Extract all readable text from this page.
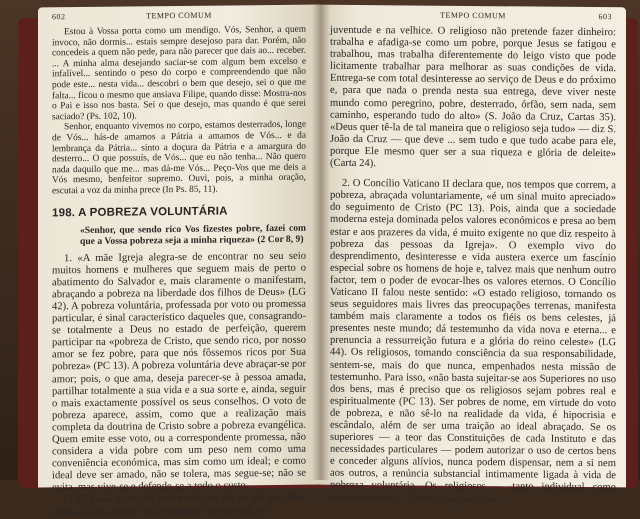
602	TEMPO COMUM

Estou à Vossa porta como um mendigo. Vós, Senhor, a quem invoco, não dormis... estais sempre desejoso para dar. Porém, não concedeis a quem não pede, para não parecer que dais ao... receber. ... A minha alma desejando saciar-se com algum bem excelso e infalível... sentindo o peso do corpo e compreendendo que não pode este... nesta vida... descobri o bem que desejo, sei o que me falta... ficou o mesmo que ansiava Filipe, quando disse: Mostra-nos o Pai e isso nos basta. Sei o que desejo, mas quando é que serei saciado? (Ps. 102, 10).

Senhor, enquanto vivemos no corpo, estamos desterrados, longe de Vós... hás-de amamos a Pátria a amamos de Vós... e da lembrança da Pátria... sinto a doçura da Pátria e a amargura do desterro... O que possuís, de Vós... que eu não tenha... Não quero nada daquilo que me... mas dá-me Vós... Peço-Vos que me deis a Vós mesmo, benfeitor supremo. Ouvi, pois, a minha oração, escutai a voz da minha prece (In Ps. 85, 11).

198. A POBREZA VOLUNTÁRIA

«Senhor, que sendo rico Vos fizestes pobre, fazei com que a Vossa pobreza seja a minha riqueza» (2 Cor 8, 9)

1. «A mãe Igreja alegra-se de encontrar no seu seio muitos homens e mulheres que seguem mais de perto o abatimento do Salvador e, mais claramente o manifestam, abraçando a pobreza na liberdade dos filhos de Deus» (LG 42). A pobreza voluntária, professada por voto ou promessa particular, é sinal característico daqueles que, consagrando-se totalmente a Deus no estado de perfeição, querem participar na «pobreza de Cristo, que sendo rico, por nosso amor se fez pobre, para que nós fôssemos ricos por Sua pobreza» (PC 13). A pobreza voluntária deve abraçar-se por amor; pois, o que ama, deseja parecer-se à pessoa amada, partilhar totalmente a sua vida e a sua sorte e, ainda, seguir o mais exactamente possível os seus conselhos. O voto de pobreza aparece, assim, como que a realização mais completa da doutrina de Cristo sobre a pobreza evangélica. Quem emite esse voto, ou a correspondente promessa, não considera a vida pobre com um peso nem como uma conveniência económica, mas sim como um ideal; e como ideal deve ser amado, não se tolera, mas segue-se; não se evita, mas vive-se e defende-se a todo o custo.

O religioso optou ser pobre não um dia ou um ano, mas todos os dias da sua vida, na saúde e na doença, na

TEMPO COMUM	603

juventude e na velhice. O religioso não pretende fazer dinheiro: trabalha e afadiga-se como um pobre, porque Jesus se fatigou e trabalhou, mas trabalha diferentemente do leigo visto que pode licitamente trabalhar para melhorar as suas condições de vida. Entrega-se com total desinteresse ao serviço de Deus e do próximo e, para que nada o prenda nesta sua entrega, deve viver neste mundo como peregrino, pobre, desterrado, órfão, sem nada, sem caminho, esperando tudo do alto» (S. João da Cruz, Cartas 35). «Deus quer tê-la de tal maneira que o religioso seja tudo» — diz S. João da Cruz — que deve ... sem tudo e que tudo acabe para ele, porque Ele mesmo quer ser a sua riqueza e glória de deleite» (Carta 24).

2. O Concílio Vaticano II declara que, nos tempos que correm, a pobreza, abraçada voluntariamente, «é um sinal muito apreciado» do seguimento de Cristo (PC 13). Pois, ainda que a sociedade moderna esteja dominada pelos valores económicos e presa ao bem estar e aos prazeres da vida, é muito exigente no que diz respeito à pobreza das pessoas da Igreja». O exemplo vivo do desprendimento, desinteresse e vida austera exerce um fascínio especial sobre os homens de hoje e, talvez mais que nenhum outro factor, tem o poder de evocar-lhes os valores eternos. O Concílio Vaticano II falou neste sentido: «O estado religioso, tornando os seus seguidores mais livres das preocupações terrenas, manifesta também mais claramente a todos os fiéis os bens celestes, já presentes neste mundo; dá testemunho da vida nova e eterna... e prenuncia a ressurreição futura e a glória do reino celeste» (LG 44). Os religiosos, tomando consciência da sua responsabilidade, sentem-se, mais do que nunca, empenhados nesta missão de testemunho. Para isso, «não basta sujeitar-se aos Superiores no uso dos bens, mas é preciso que os religiosos sejam pobres real e espiritualmente (PC 13). Ser pobres de nome, em virtude do voto de pobreza, e não sê-lo na realidade da vida, é hipocrisia e escândalo, além de ser uma traição ao ideal abraçado. Se os superiores — a teor das Constituições de cada Instituto e das necessidades particulares — podem autorizar o uso de certos bens e conceder alguns alívios, nunca podem dispensar, nem a si nem aos outros, a renúncia substancial intimamente ligada à vida de pobreza voluntária. Os religiosos — tanto individual como colectivamente — devem comportar-se,
